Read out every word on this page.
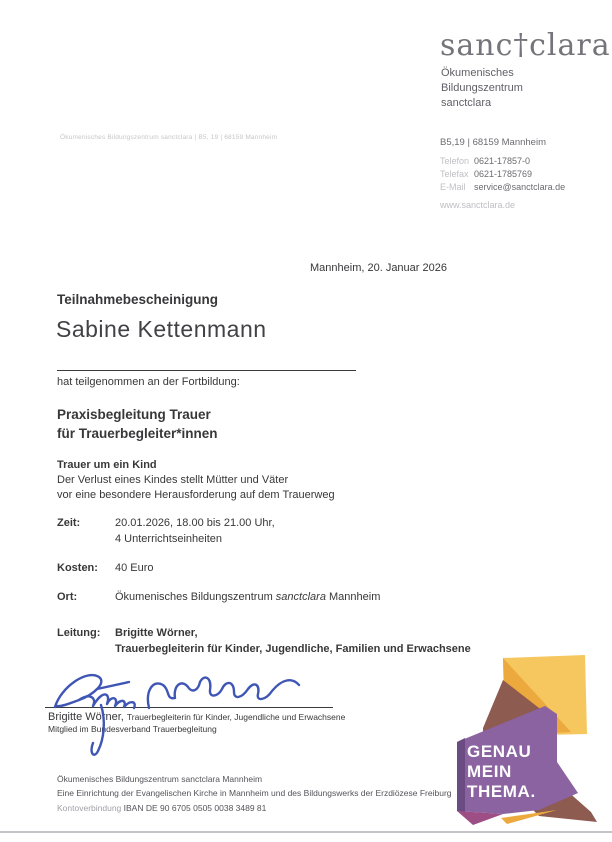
sanc†clara
Ökumenisches
Bildungszentrum
sanctclara
Ökumenisches Bildungszentrum sanctclara | B5, 19 | 68159 Mannheim	B5,19 | 68159 Mannheim
Telefon 0621-17857-0
Telefax 0621-1785769
E-Mail service@sanctclara.de
www.sanctclara.de
Mannheim, 20. Januar 2026
Teilnahmebescheinigung
Sabine Kettenmann
hat teilgenommen an der Fortbildung:
Praxisbegleitung Trauer
für Trauerbegleiter*innen
Trauer um ein Kind
Der Verlust eines Kindes stellt Mütter und Väter
vor eine besondere Herausforderung auf dem Trauerweg
Zeit:	20.01.2026, 18.00 bis 21.00 Uhr,
4 Unterrichtseinheiten
Kosten: 40 Euro
Ort:	Ökumenisches Bildungszentrum sanctclara Mannheim
Leitung: Brigitte Wörner,
Trauerbegleiterin für Kinder, Jugendliche, Familien und Erwachsene
Brigitte Wörner, Trauerbegleiterin für Kinder, Jugendliche und Erwachsene
Mitglied im Bundesverband Trauerbegleitung
Ökumenisches Bildungszentrum sanctclara Mannheim
Eine Einrichtung der Evangelischen Kirche in Mannheim und des Bildungswerks der Erzdiözese Freiburg
Kontoverbindung IBAN DE 90 6705 0505 0038 3489 81
GENAU
MEIN
THEMA.
